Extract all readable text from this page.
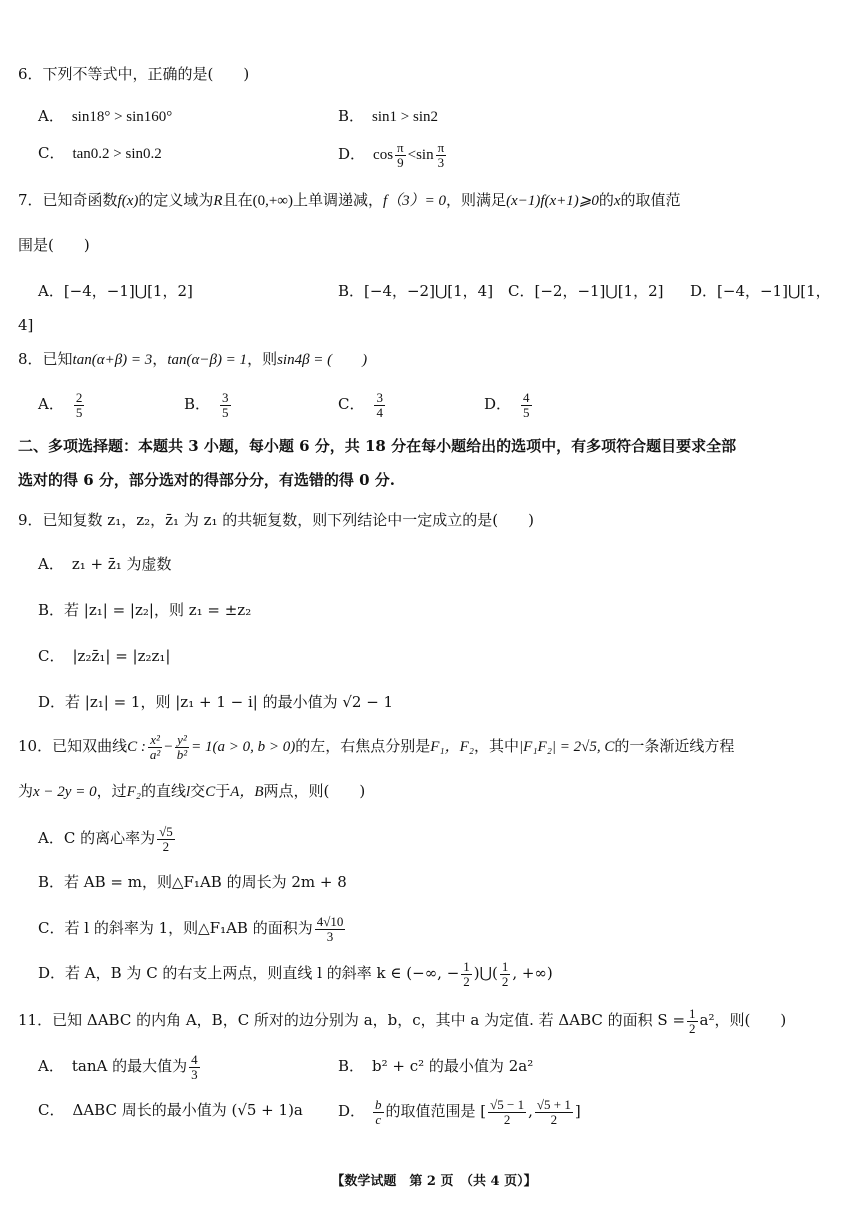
6．下列不等式中，正确的是(　　)
A． sin18° > sin160°	B． sin1 > sin2
C． tan0.2 > sin0.2	D． $\cos \frac{\pi}{9} <\sin \frac{\pi}{3}$
7．已知奇函数f(x)的定义域为R且在(0,+∞)上单调递减，f（3）= 0，则满足(x−1)f(x+1)⩾0的x的取值范
围是(　　)
A．[−4，−1]⋃[1，2]	B．[−4，−2]⋃[1，4] C．[−2，−1]⋃[1，2] D．[−4，−1]⋃[1，
4]
8．已知tan(α+β) = 3，tan(α−β) = 1，则sin4β = (　　)
A． $\frac{2}{5}$	B． $\frac{3}{5}$	C． $\frac{3}{4}$	D． $\frac{4}{5}$
二、多项选择题：本题共 3 小题，每小题 6 分，共 18 分在每小题给出的选项中，有多项符合题目要求全部
选对的得 6 分，部分选对的得部分分，有选错的得 0 分.
9．已知复数 z₁，z₂，z̄₁ 为 z₁ 的共轭复数，则下列结论中一定成立的是(　　)
A． z₁ + z̄₁ 为虚数
B．若 |z₁| = |z₂|，则 z₁ = ±z₂
C． |z₂z̄₁| = |z₂z₁|
D．若 |z₁| = 1，则 |z₁ + 1 − i| 的最小值为 √2 − 1
10．已知双曲线C : $\frac{\text{x²}}{\text{a²}} - \frac{\text{y²}}{\text{b²}} = 1(a > 0$, b > 0)的左，右焦点分别是F₁，F₂，其中|F₁F₂| = 2√5, C的一条渐近线方程
为x − 2y = 0，过F₂的直线l交C于A，B两点，则(　　)
A．C 的离心率为 $\frac{√5}{2}$
B．若 AB = m，则△F₁AB 的周长为 2m + 8
C．若 l 的斜率为 1，则△F₁AB 的面积为 $\frac{4√10}{3}$
D．若 A，B 为 C 的右支上两点，则直线 l 的斜率 k ∈ (−∞, − $\frac{1}{2}$ )⋃( $\frac{1}{2}$ , +∞)
11．已知 ΔABC 的内角 A，B，C 所对的边分别为 a，b，c，其中 a 为定值. 若 ΔABC 的面积 $S = \frac{1}{2} a^2$，则(　　)
A． tanA 的最大值为 $\frac{4}{3}$	B． b² + c² 的最小值为 2a²
C． ΔABC 周长的最小值为 (√5 + 1)a D． $\frac{b}{c}$ 的取值范围是 [ $\frac{√5 - 1}{2}$ , $\frac{√5 + 1}{2}$ ]
【数学试题　第 2 页　（共 4 页）】
